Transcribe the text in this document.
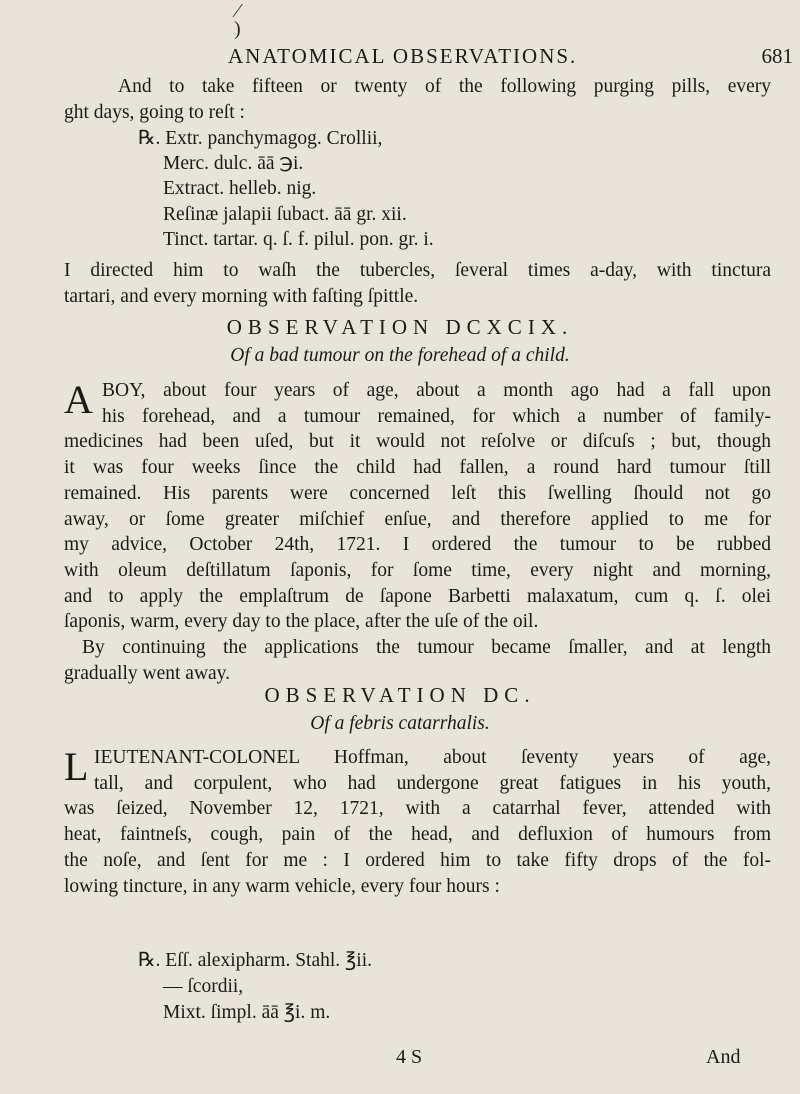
⁄
)
ANATOMICAL OBSERVATIONS.	681
And to take fifteen or twenty of the following purging pills, every
ght days, going to reſt :
℞. Extr. panchymagog. Crollii,
Merc. dulc. āā ℈i.
Extract. helleb. nig.
Reſinæ jalapii ſubact. āā gr. xii.
Tinct. tartar. q. ſ. f. pilul. pon. gr. i.
I directed him to waſh the tubercles, ſeveral times a-day, with tinctura
tartari, and every morning with faſting ſpittle.
OBSERVATION DCXCIX.
Of a bad tumour on the forehead of a child.
A BOY, about four years of age, about a month ago had a fall upon
his forehead, and a tumour remained, for which a number of family-
medicines had been uſed, but it would not reſolve or diſcuſs ; but, though
it was four weeks ſince the child had fallen, a round hard tumour ſtill
remained. His parents were concerned leſt this ſwelling ſhould not go
away, or ſome greater miſchief enſue, and therefore applied to me for
my advice, October 24th, 1721. I ordered the tumour to be rubbed
with oleum deſtillatum ſaponis, for ſome time, every night and morning,
and to apply the emplaſtrum de ſapone Barbetti malaxatum, cum q. ſ. olei
ſaponis, warm, every day to the place, after the uſe of the oil.
By continuing the applications the tumour became ſmaller, and at length
gradually went away.
OBSERVATION DC.
Of a febris catarrhalis.
L IEUTENANT-COLONEL Hoffman, about ſeventy years of age,
tall, and corpulent, who had undergone great fatigues in his youth,
was ſeized, November 12, 1721, with a catarrhal fever, attended with
heat, faintneſs, cough, pain of the head, and defluxion of humours from
the noſe, and ſent for me : I ordered him to take fifty drops of the fol-
lowing tincture, in any warm vehicle, every four hours :
℞. Eſſ. alexipharm. Stahl. ℥ii.
— ſcordii,
Mixt. ſimpl. āā ℥i. m.
4 S	And
